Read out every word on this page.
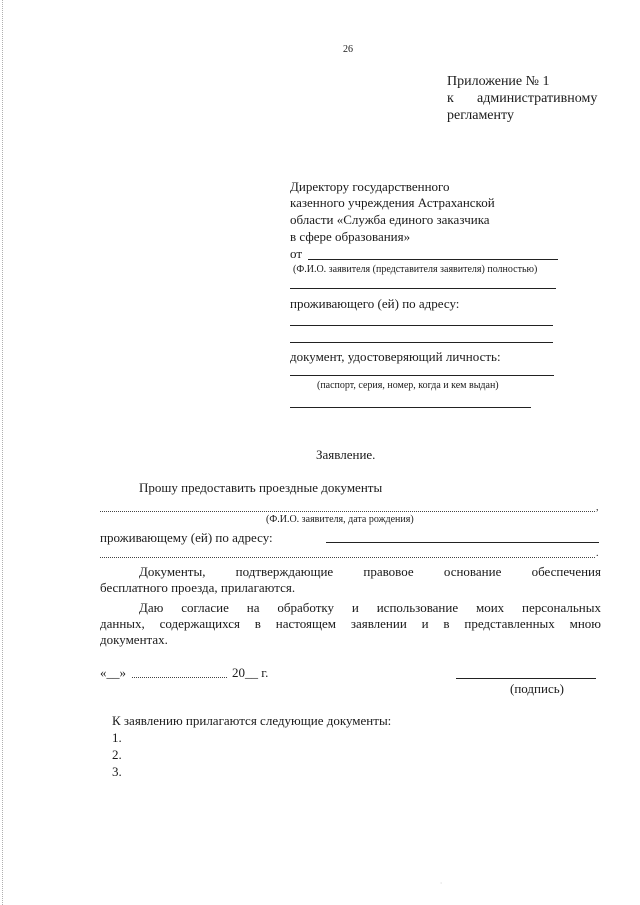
26
Приложение № 1
к административному
регламенту
Директору государственного
казенного учреждения Астраханской
области «Служба единого заказчика
в сфере образования»
от
(Ф.И.О. заявителя (представителя заявителя) полностью)
проживающего (ей) по адресу:
документ, удостоверяющий личность:
(паспорт, серия, номер, когда и кем выдан)
Заявление.
Прошу предоставить проездные документы
,
(Ф.И.О. заявителя, дата рождения)
проживающему (ей) по адресу:
.
Документы, подтверждающие правовое основание обеспечения
бесплатного проезда, прилагаются.
Даю согласие на обработку и использование моих персональных
данных, содержащихся в настоящем заявлении и в представленных мною
документах.
«__»	20__ г.
(подпись)
К заявлению прилагаются следующие документы:
1.
2.
3.
∙
